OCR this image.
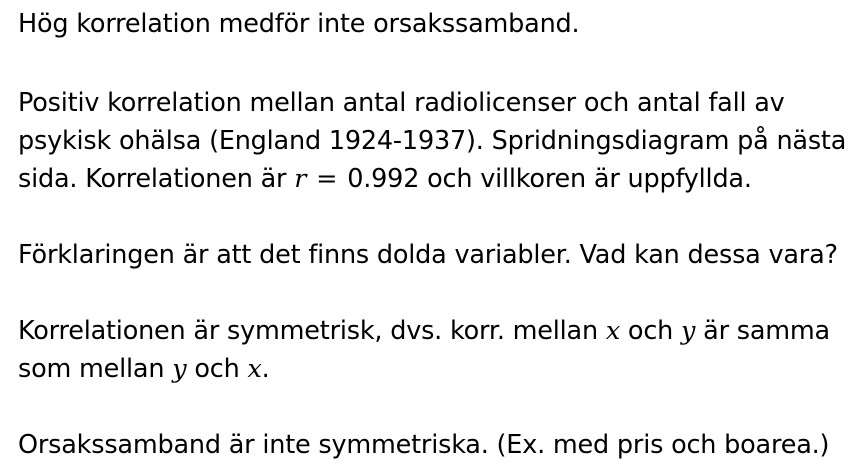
Hög korrelation medför inte orsakssamband.
Positiv korrelation mellan antal radiolicenser och antal fall av
psykisk ohälsa (England 1924-1937). Spridningsdiagram på nästa
sida. Korrelationen är r = 0.992 och villkoren är uppfyllda.
Förklaringen är att det finns dolda variabler. Vad kan dessa vara?
Korrelationen är symmetrisk, dvs. korr. mellan x och y är samma
som mellan y och x.
Orsakssamband är inte symmetriska. (Ex. med pris och boarea.)
